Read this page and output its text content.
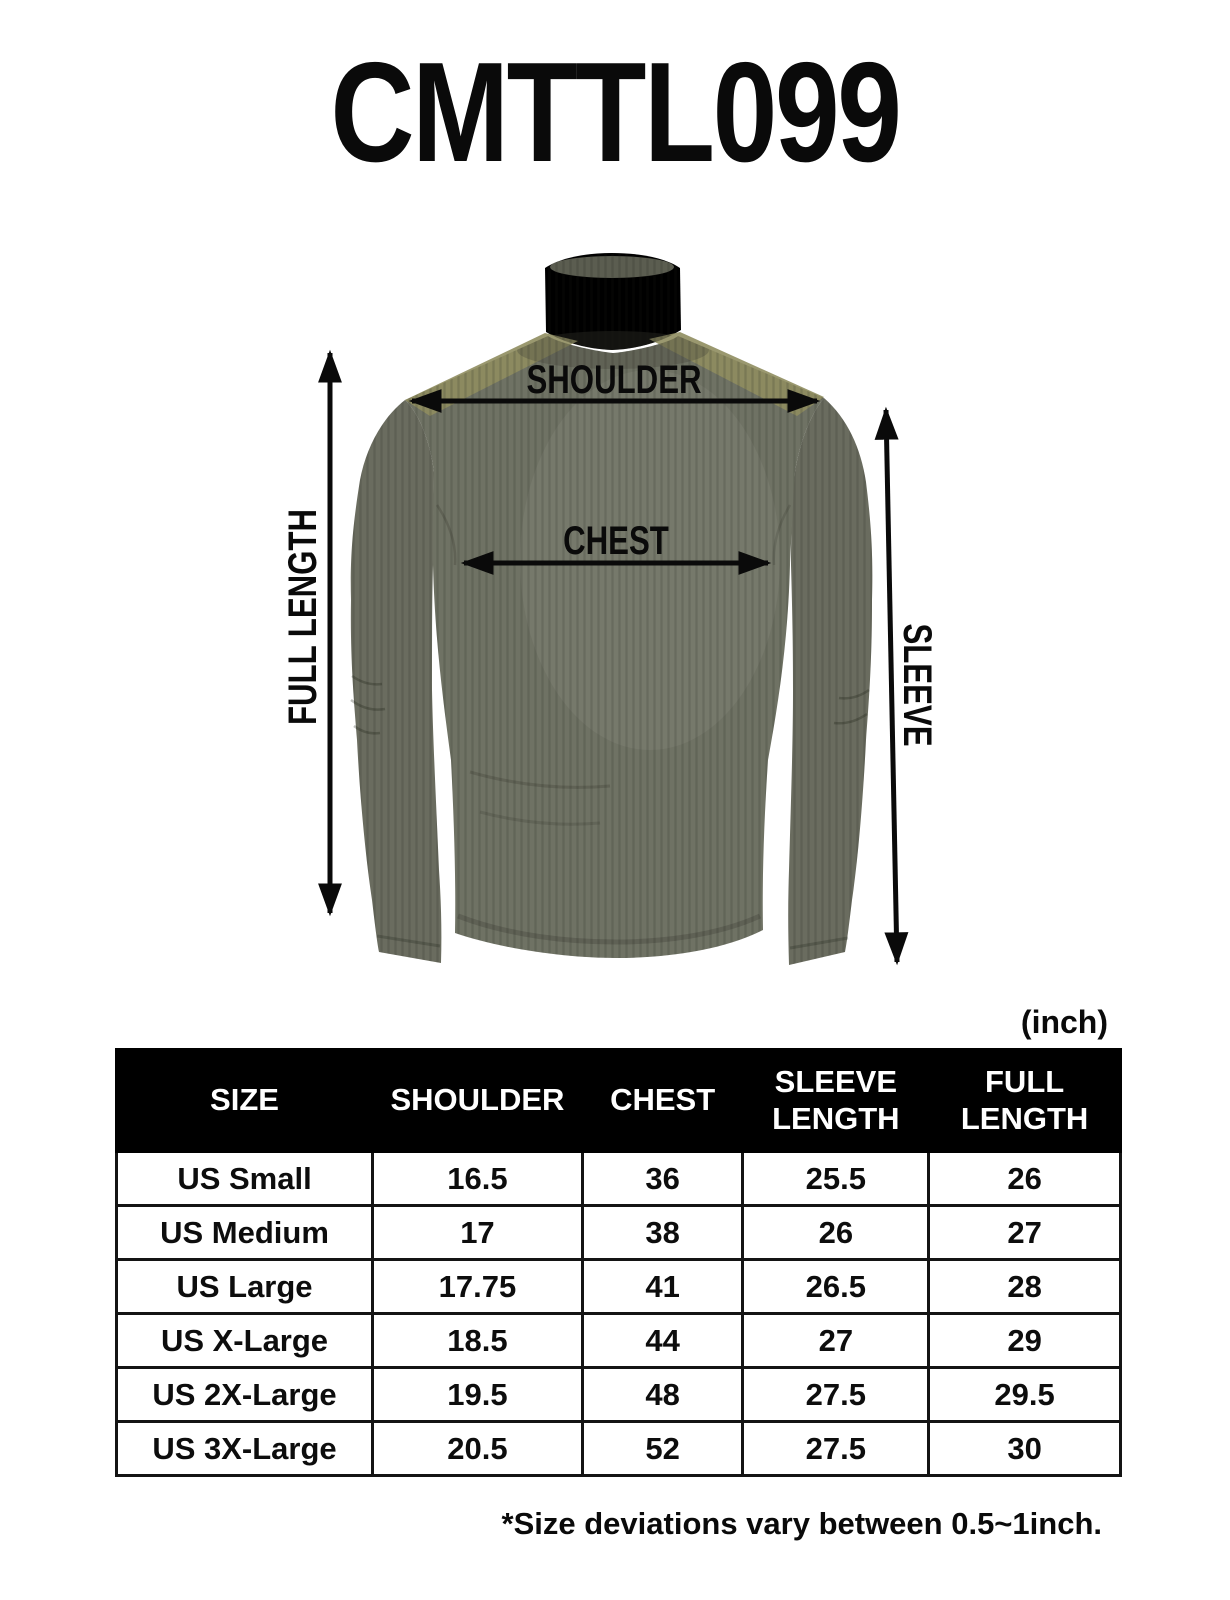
CMTTL099
SHOULDER
CHEST
FULL LENGTH	SLEEVE
(inch)
SIZE	SHOULDER	CHEST	SLEEVE LENGTH	FULL LENGTH
US Small	16.5	36	25.5	26
US Medium	17	38	26	27
US Large	17.75	41	26.5	28
US X-Large	18.5	44	27	29
US 2X-Large	19.5	48	27.5	29.5
US 3X-Large	20.5	52	27.5	30
*Size deviations vary between 0.5~1inch.
